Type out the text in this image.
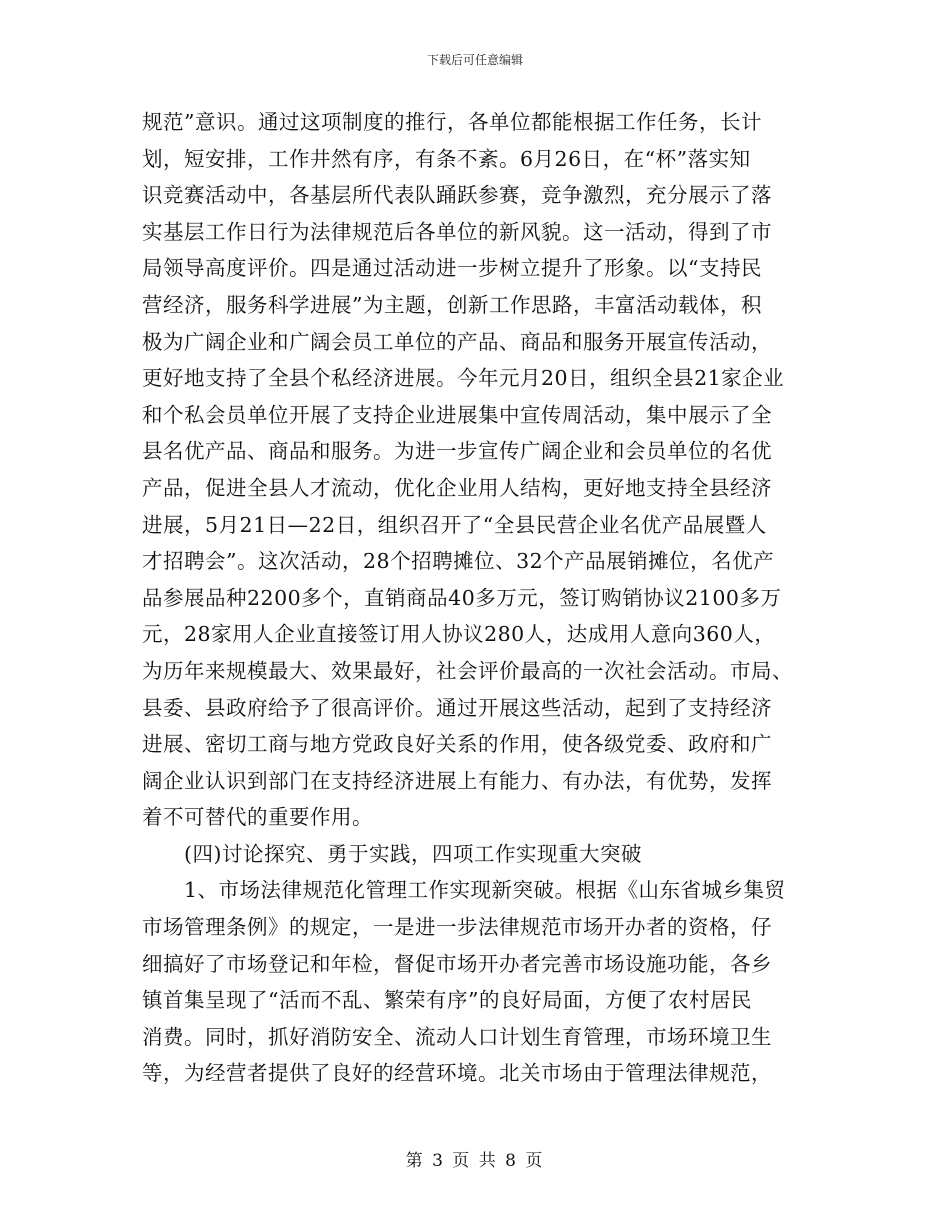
下载后可任意编辑
规范”意识。通过这项制度的推行，各单位都能根据工作任务，长计
划，短安排，工作井然有序，有条不紊。6月26日，在“杯”落实知
识竞赛活动中，各基层所代表队踊跃参赛，竞争激烈，充分展示了落
实基层工作日行为法律规范后各单位的新风貌。这一活动，得到了市
局领导高度评价。四是通过活动进一步树立提升了形象。以“支持民
营经济，服务科学进展”为主题，创新工作思路，丰富活动载体，积
极为广阔企业和广阔会员工单位的产品、商品和服务开展宣传活动，
更好地支持了全县个私经济进展。今年元月20日，组织全县21家企业
和个私会员单位开展了支持企业进展集中宣传周活动，集中展示了全
县名优产品、商品和服务。为进一步宣传广阔企业和会员单位的名优
产品，促进全县人才流动，优化企业用人结构，更好地支持全县经济
进展，5月21日—22日，组织召开了“全县民营企业名优产品展暨人
才招聘会”。这次活动，28个招聘摊位、32个产品展销摊位，名优产
品参展品种2200多个，直销商品40多万元，签订购销协议2100多万
元，28家用人企业直接签订用人协议280人，达成用人意向360人，
为历年来规模最大、效果最好，社会评价最高的一次社会活动。市局、
县委、县政府给予了很高评价。通过开展这些活动，起到了支持经济
进展、密切工商与地方党政良好关系的作用，使各级党委、政府和广
阔企业认识到部门在支持经济进展上有能力、有办法，有优势，发挥
着不可替代的重要作用。
(四)讨论探究、勇于实践，四项工作实现重大突破
1、市场法律规范化管理工作实现新突破。根据《山东省城乡集贸
市场管理条例》的规定，一是进一步法律规范市场开办者的资格，仔
细搞好了市场登记和年检，督促市场开办者完善市场设施功能，各乡
镇首集呈现了“活而不乱、繁荣有序”的良好局面，方便了农村居民
消费。同时，抓好消防安全、流动人口计划生育管理，市场环境卫生
等，为经营者提供了良好的经营环境。北关市场由于管理法律规范，
第 3 页 共 8 页
